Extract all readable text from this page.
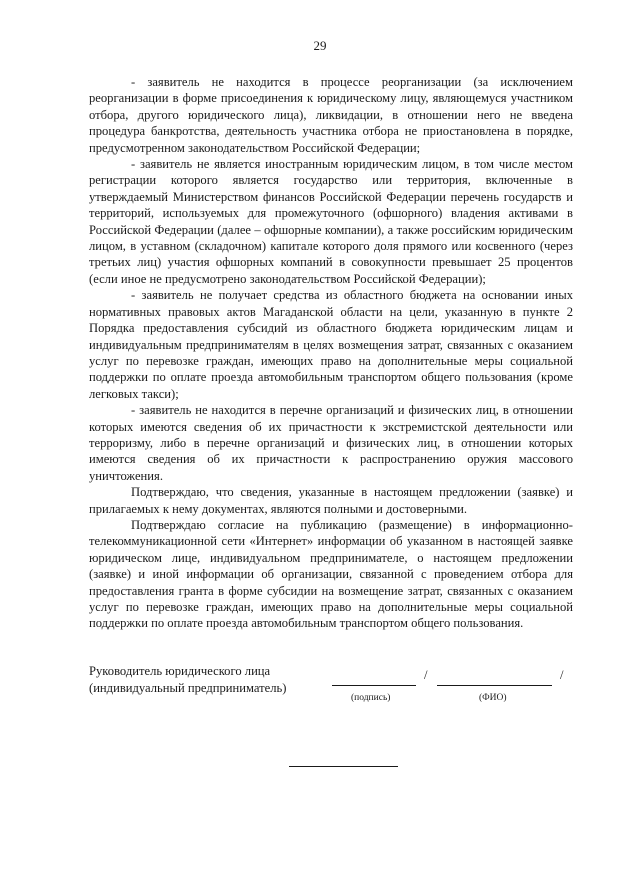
29

- заявитель не находится в процессе реорганизации (за исключением реорганизации в форме присоединения к юридическому лицу, являющемуся участником отбора, другого юридического лица), ликвидации, в отношении него не введена процедура банкротства, деятельность участника отбора не приостановлена в порядке, предусмотренном законодательством Российской Федерации;

- заявитель не является иностранным юридическим лицом, в том числе местом регистрации которого является государство или территория, включенные в утверждаемый Министерством финансов Российской Федерации перечень государств и территорий, используемых для промежуточного (офшорного) владения активами в Российской Федерации (далее – офшорные компании), а также российским юридическим лицом, в уставном (складочном) капитале которого доля прямого или косвенного (через третьих лиц) участия офшорных компаний в совокупности превышает 25 процентов (если иное не предусмотрено законодательством Российской Федерации);

- заявитель не получает средства из областного бюджета на основании иных нормативных правовых актов Магаданской области на цели, указанную в пункте 2 Порядка предоставления субсидий из областного бюджета юридическим лицам и индивидуальным предпринимателям в целях возмещения затрат, связанных с оказанием услуг по перевозке граждан, имеющих право на дополнительные меры социальной поддержки по оплате проезда автомобильным транспортом общего пользования (кроме легковых такси);

- заявитель не находится в перечне организаций и физических лиц, в отношении которых имеются сведения об их причастности к экстремистской деятельности или терроризму, либо в перечне организаций и физических лиц, в отношении которых имеются сведения об их причастности к распространению оружия массового уничтожения.

Подтверждаю, что сведения, указанные в настоящем предложении (заявке) и прилагаемых к нему документах, являются полными и достоверными.

Подтверждаю согласие на публикацию (размещение) в информационно-телекоммуникационной сети «Интернет» информации об указанном в настоящей заявке юридическом лице, индивидуальном предпринимателе, о настоящем предложении (заявке) и иной информации об организации, связанной с проведением отбора для предоставления гранта в форме субсидии на возмещение затрат, связанных с оказанием услуг по перевозке граждан, имеющих право на дополнительные меры социальной поддержки по оплате проезда автомобильным транспортом общего пользования.

Руководитель юридического лица
(индивидуальный предприниматель)
/	/
(подпись)	(ФИО)
